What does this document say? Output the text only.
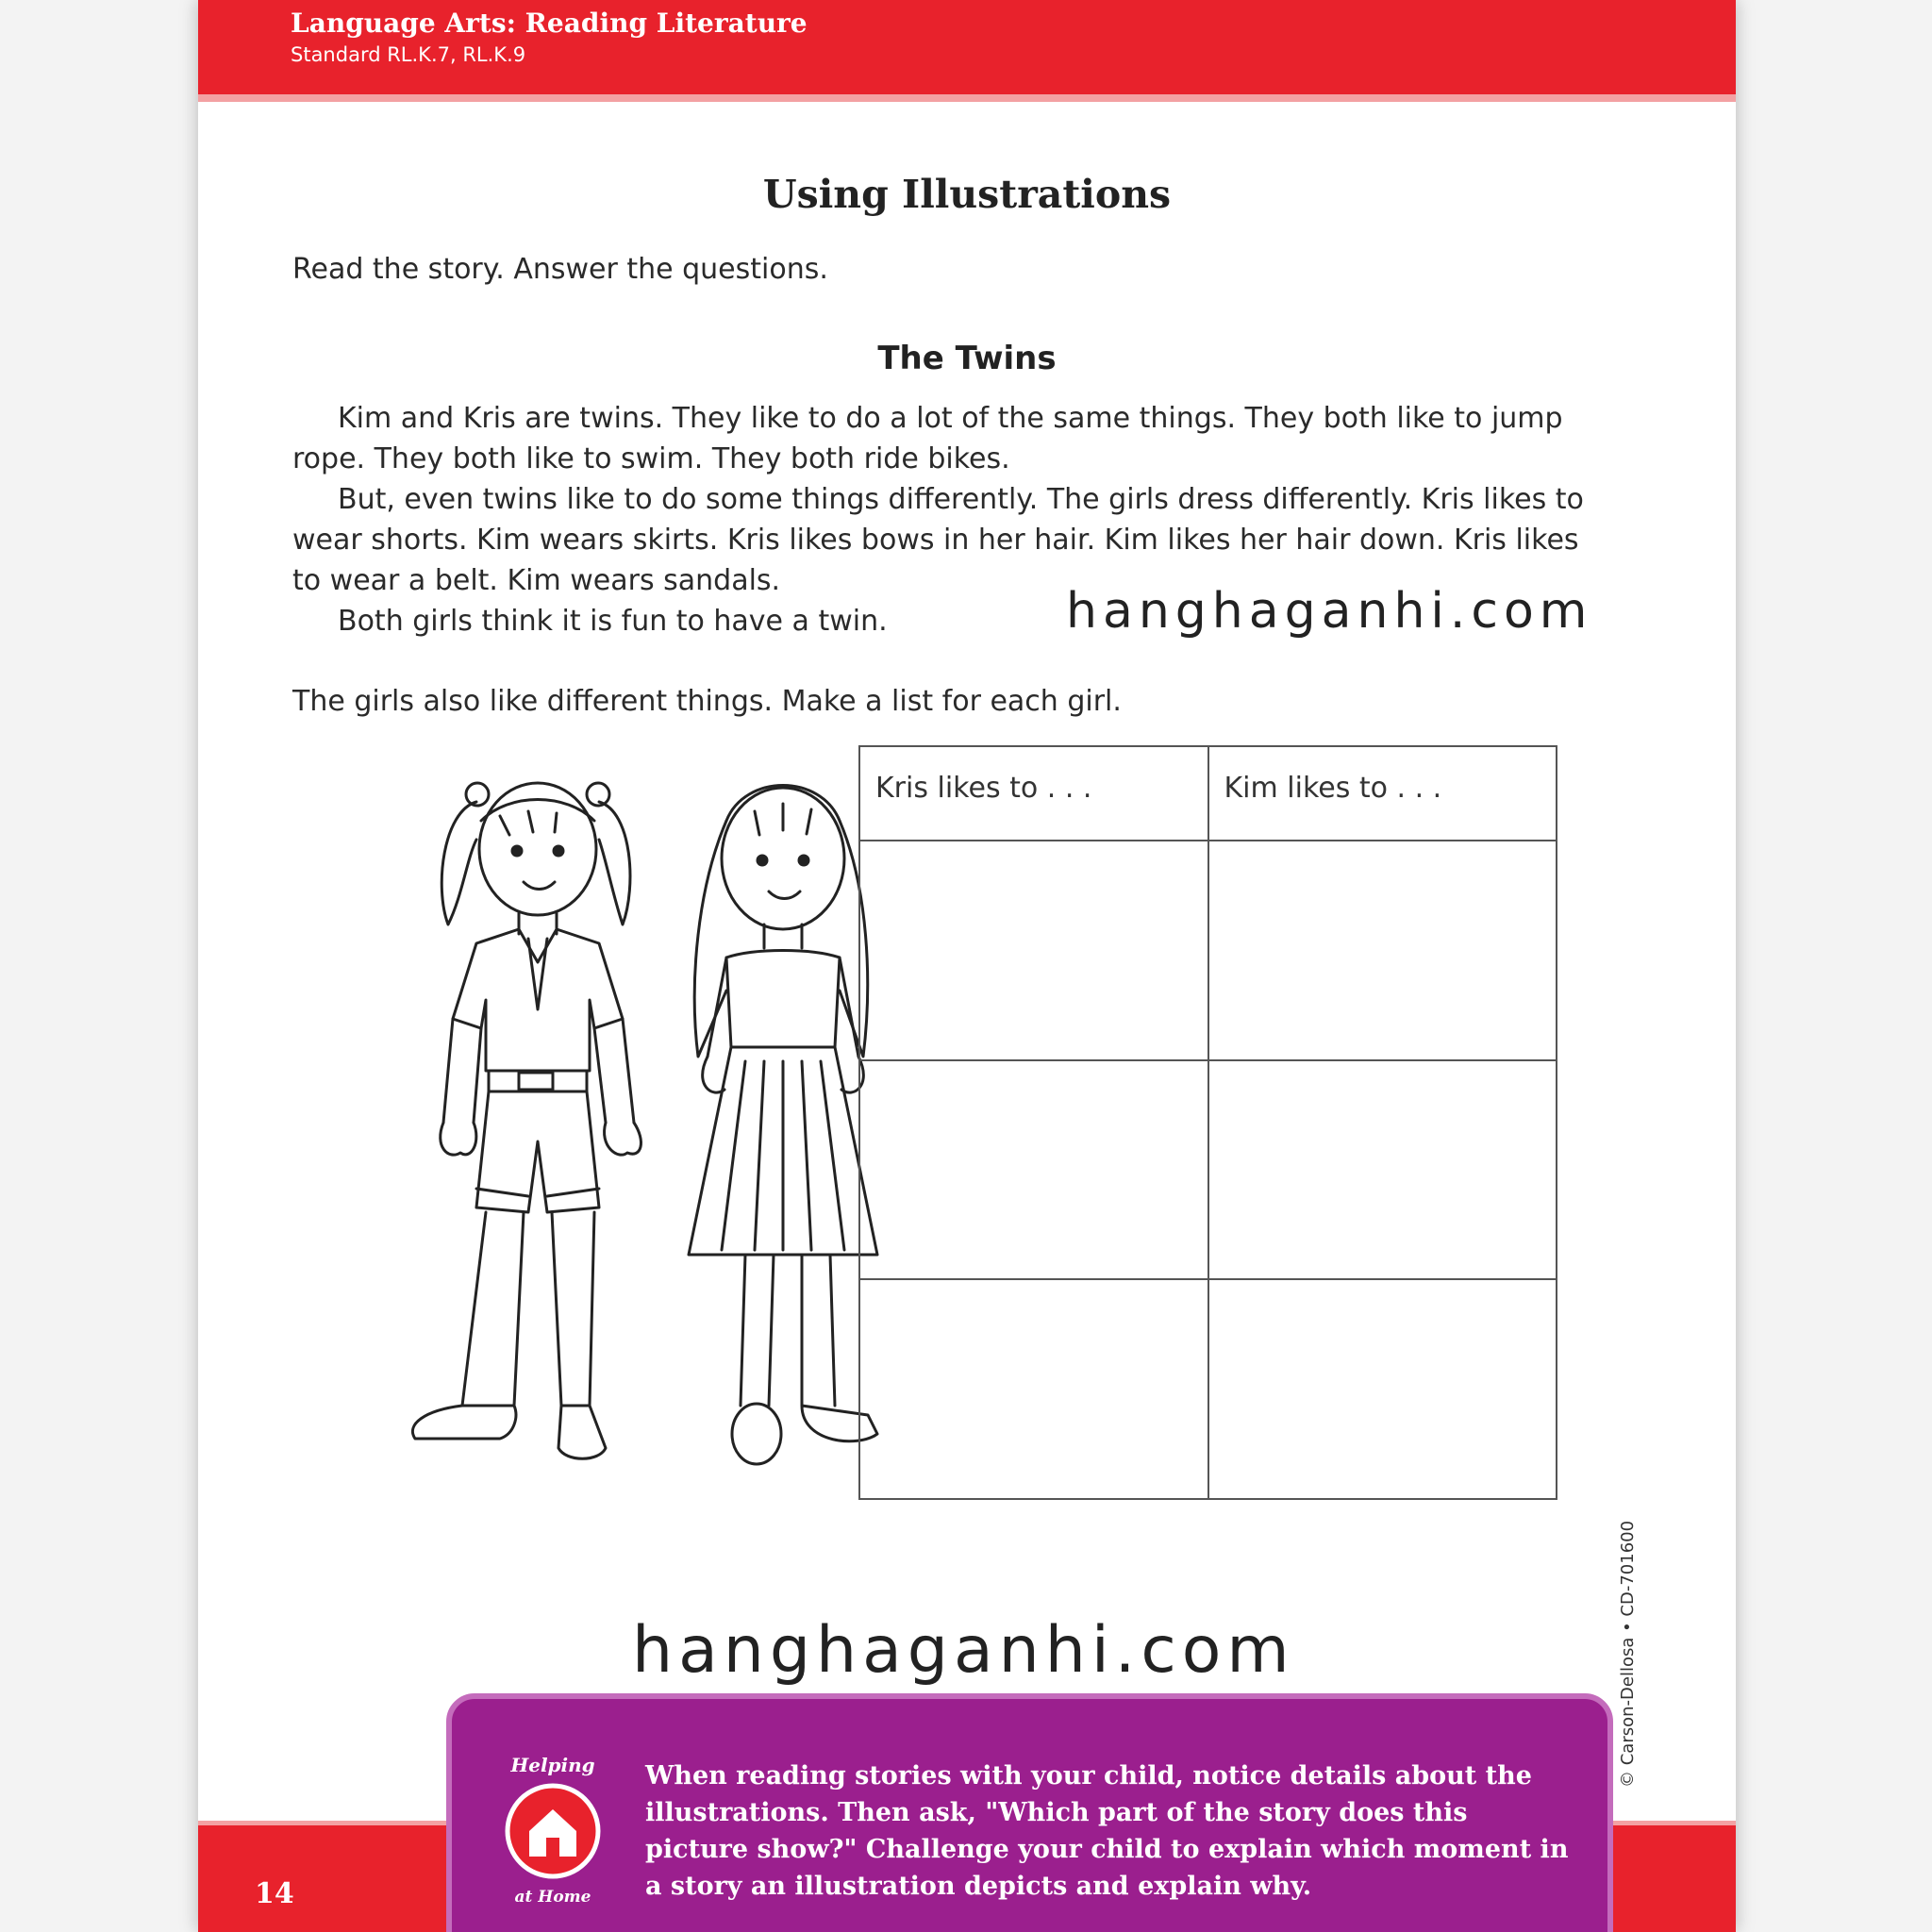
Language Arts: Reading Literature
Standard RL.K.7, RL.K.9
Using Illustrations
Read the story. Answer the questions.
The Twins

Kim and Kris are twins. They like to do a lot of the same things. They both like to jump rope. They both like to swim. They both ride bikes.

But, even twins like to do some things differently. The girls dress differently. Kris likes to wear shorts. Kim wears skirts. Kris likes bows in her hair. Kim likes her hair down. Kris likes to wear a belt. Kim wears sandals.

Both girls think it is fun to have a twin.	hanghaganhi.com
The girls also like different things. Make a list for each girl.
Kris likes to . . .	Kim likes to . . .

© Carson-Dellosa • CD-701600
hanghaganhi.com
14
Helping
at Home
When reading stories with your child, notice details about the illustrations. Then ask, "Which part of the story does this picture show?" Challenge your child to explain which moment in a story an illustration depicts and explain why.
